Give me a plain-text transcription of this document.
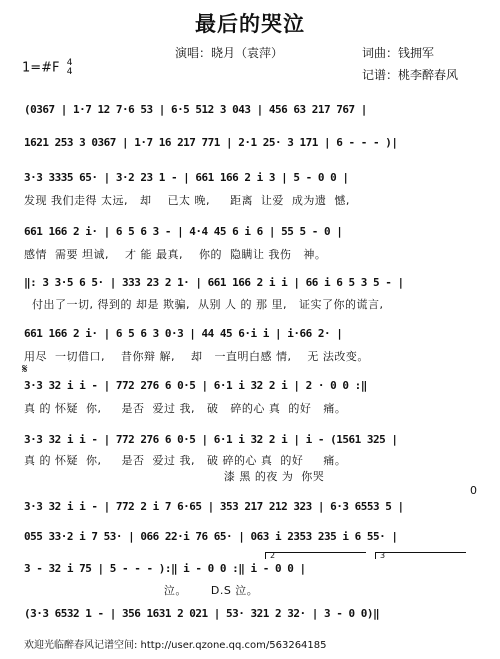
最后的哭泣
演唱：晓月（袁萍）	词曲：钱拥军
记谱：桃李醉春风
1=#F 4
4
(0367 | 1·7 12 7·6 53 | 6·5 512 3 043 | 456 63 217 767 |
1621 253 3 0367 | 1·7 16 217 771 | 2·1 25· 3 171 | 6 - - - )|
3·3 3335 65· | 3·2 23 1 - | 661 166 2 i 3 | 5 - 0 0 |
发现 我们走得 太远,   却    已太 晚,     距离  让爱  成为遗  憾,
661 166 2 i· | 6 5 6 3 - | 4·4 45 6 i 6 | 55 5 - 0 |
感情  需要 坦诚,    才 能 最真,    你的  隐瞒让 我伤   神。
‖: 3 3·5 6 5· | 333 23 2 1· | 661 166 2 i i | 66 i 6 5 3 5 - |
付出了一切, 得到的 却是 欺骗,  从别 人 的 那 里,   证实了你的谎言,
661 166 2 i· | 6 5 6 3 0·3 | 44 45 6·i i | i·66 2· |
用尽  一切借口,    昔你辩 解,    却   一直明白感 情,    无 法改变。
𝄋
3·3 32 i i - | 772 276 6 0·5 | 6·1 i 32 2 i | 2 · 0 0 :‖
真 的 怀疑  你,     是否  爱过 我,   破   碎的心 真  的好   痛。
3·3 32 i i - | 772 276 6 0·5 | 6·1 i 32 2 i | i - (1561 325 |
真 的 怀疑  你,     是否  爱过 我,   破 碎的心 真  的好     痛。
漆 黑 的夜 为  你哭
3·3 32 i i - | 772 2 i 7 6·65 | 353 217 212 323 | 6·3 6553 5 |
055 33·2 i 7 53· | 066 22·i 76 65· | 063 i 2353 235 i 6 55· |
2	3
3 - 32 i 75 | 5 - - - ):‖ i - 0 0 :‖ i - 0 0 |
泣。      D.S 泣。
(3·3 6532 1 - | 356 1631 2 021 | 53· 321 2 32· | 3 - 0 0)‖
0
欢迎光临醉春风记谱空间: http://user.qzone.qq.com/563264185
